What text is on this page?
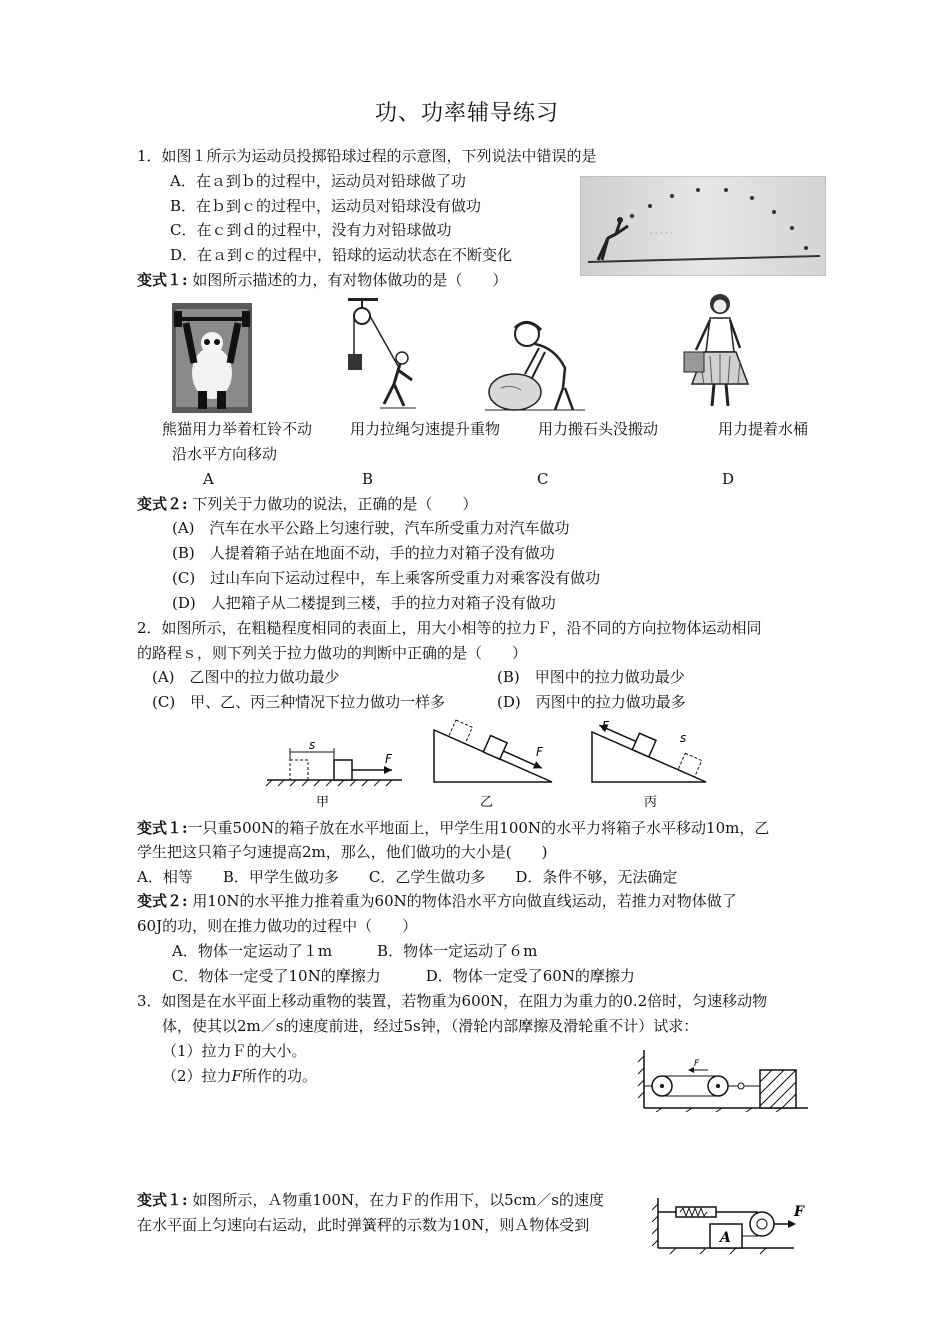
功、功率辅导练习
1．如图１所示为运动员投掷铅球过程的示意图，下列说法中错误的是
A．在ａ到ｂ的过程中，运动员对铅球做了功
B．在ｂ到ｃ的过程中，运动员对铅球没有做功
C．在ｃ到ｄ的过程中，没有力对铅球做功
D．在ａ到ｃ的过程中，铅球的运动状态在不断变化
· · · · ·
变式１: 如图所示描述的力，有对物体做功的是（　　）
熊猫用力举着杠铃不动	用力拉绳匀速提升重物	用力搬石头没搬动	用力提着水桶
沿水平方向移动
A	B	C	D
变式２: 下列关于力做功的说法，正确的是（　　）
(A)　汽车在水平公路上匀速行驶，汽车所受重力对汽车做功
(B)　人提着箱子站在地面不动，手的拉力对箱子没有做功
(C)　过山车向下运动过程中，车上乘客所受重力对乘客没有做功
(D)　人把箱子从二楼提到三楼，手的拉力对箱子没有做功
2．如图所示，在粗糙程度相同的表面上，用大小相等的拉力Ｆ，沿不同的方向拉物体运动相同
的路程ｓ，则下列关于拉力做功的判断中正确的是（　　）
(A)　乙图中的拉力做功最少	(B)　甲图中的拉力做功最少
(C)　甲、乙、丙三种情况下拉力做功一样多	(D)　丙图中的拉力做功最多
F
s
甲
F
乙
F
s
丙
变式１:一只重500N的箱子放在水平地面上，甲学生用100N的水平力将箱子水平移动10m，乙
学生把这只箱子匀速提高2m，那么，他们做功的大小是(　　)
A．相等　　B．甲学生做功多　　C．乙学生做功多　　D．条件不够，无法确定
变式２: 用10N的水平推力推着重为60N的物体沿水平方向做直线运动，若推力对物体做了
60J的功，则在推力做功的过程中（　　）
A．物体一定运动了１m　　　B．物体一定运动了６m
C．物体一定受了10N的摩擦力　　　D．物体一定受了60N的摩擦力
3．如图是在水平面上移动重物的装置，若物重为600N，在阻力为重力的0.2倍时，匀速移动物
体，使其以2m／s的速度前进，经过5s钟，（滑轮内部摩擦及滑轮重不计）试求：
（1）拉力Ｆ的大小。
（2）拉力F所作的功。
F
变式１: 如图所示，Ａ物重100N，在力Ｆ的作用下，以5cm／s的速度
在水平面上匀速向右运动，此时弹簧秤的示数为10N，则Ａ物体受到
A
F
